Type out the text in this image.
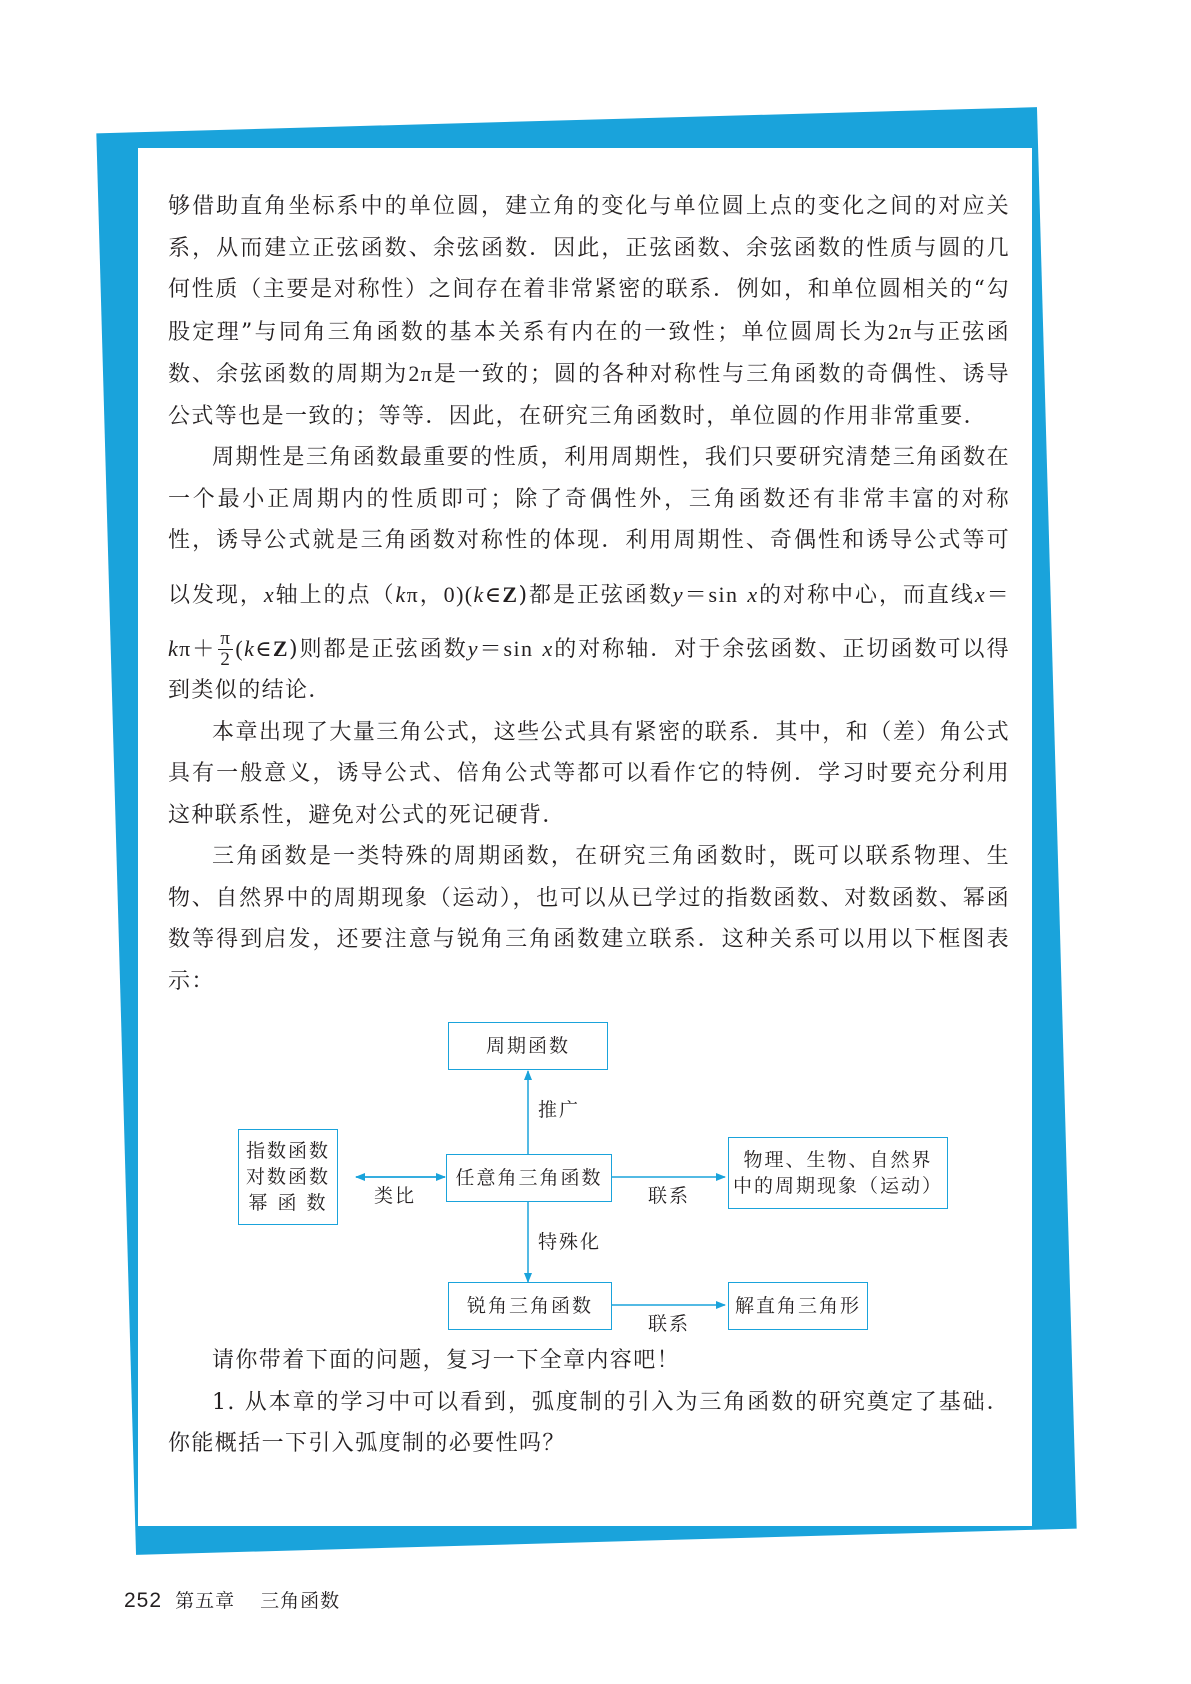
够借助直角坐标系中的单位圆，建立角的变化与单位圆上点的变化之间的对应关系，从而建立正弦函数、余弦函数．因此，正弦函数、余弦函数的性质与圆的几何性质（主要是对称性）之间存在着非常紧密的联系．例如，和单位圆相关的“勾股定理”与同角三角函数的基本关系有内在的一致性；单位圆周长为2π与正弦函数、余弦函数的周期为2π是一致的；圆的各种对称性与三角函数的奇偶性、诱导公式等也是一致的；等等．因此，在研究三角函数时，单位圆的作用非常重要．

周期性是三角函数最重要的性质，利用周期性，我们只要研究清楚三角函数在一个最小正周期内的性质即可；除了奇偶性外，三角函数还有非常丰富的对称性，诱导公式就是三角函数对称性的体现．利用周期性、奇偶性和诱导公式等可以发现，x轴上的点（kπ，0)(k∈Z)都是正弦函数y＝sin x的对称中心，而直线$x=k\pi+ \frac{\pi}{2}$ (k∈Z)则都是正弦函数y＝sin x的对称轴．对于余弦函数、正切函数可以得到类似的结论．

本章出现了大量三角公式，这些公式具有紧密的联系．其中，和（差）角公式具有一般意义，诱导公式、倍角公式等都可以看作它的特例．学习时要充分利用这种联系性，避免对公式的死记硬背．

三角函数是一类特殊的周期函数，在研究三角函数时，既可以联系物理、生物、自然界中的周期现象（运动），也可以从已学过的指数函数、对数函数、幂函数等得到启发，还要注意与锐角三角函数建立联系．这种关系可以用以下框图表示：

周期函数
任意角三角函数
指数函数
对数函数
幂 函 数
物理、生物、自然界
中的周期现象（运动）
锐角三角函数	解直角三角形
推广
特殊化
类比	联系
联系

请你带着下面的问题，复习一下全章内容吧！

1. 从本章的学习中可以看到，弧度制的引入为三角函数的研究奠定了基础．你能概括一下引入弧度制的必要性吗？

252 第五章 三角函数
